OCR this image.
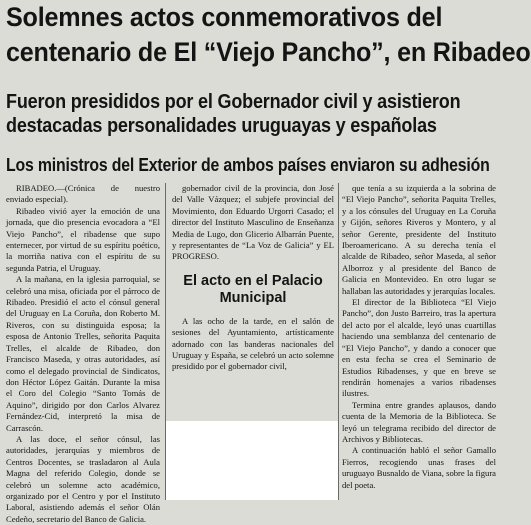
Solemnes actos conmemorativos del
centenario de El “Viejo Pancho”, en Ribadeo
Fueron presididos por el Gobernador civil y asistieron
destacadas personalidades uruguayas y españolas
Los ministros del Exterior de ambos países enviaron su adhesión

RIBADEO.—(Crónica de nuestro enviado especial).

Ribadeo vivió ayer la emoción de una jornada, que dio presencia evocadora a “El Viejo Pancho”, el ribadense que supo enternecer, por virtud de su espíritu poético, la morriña nativa con el espíritu de su segunda Patria, el Uruguay.

A la mañana, en la iglesia parroquial, se celebró una misa, oficiada por el párroco de Ribadeo. Presidió el acto el cónsul general del Uruguay en La Coruña, don Roberto M. Riveros, con su distinguida esposa; la esposa de Antonio Trelles, señorita Paquita Trelles, el alcalde de Ribadeo, don Francisco Maseda, y otras autoridades, así como el delegado provincial de Sindicatos, don Héctor López Gaitán. Durante la misa el Coro del Colegio “Santo Tomás de Aquino”, dirigido por don Carlos Alvarez Fernández-Cid, interpretó la misa de Carrascón.

A las doce, el señor cónsul, las autoridades, jerarquías y miembros de Centros Docentes, se trasladaron al Aula Magna del referido Colegio, donde se celebró un solemne acto académico, organizado por el Centro y por el Instituto Laboral, asistiendo además el señor Olán Cedeño, secretario del Banco de Galicia.

gobernador civil de la provincia, don José del Valle Vázquez; el subjefe provincial del Movimiento, don Eduardo Urgorri Casado; el director del Instituto Masculino de Enseñanza Media de Lugo, don Glicerio Albarrán Puente, y representantes de “La Voz de Galicia” y EL PROGRESO.

El acto en el Palacio Municipal

A las ocho de la tarde, en el salón de sesiones del Ayuntamiento, artísticamente adornado con las banderas nacionales del Uruguay y España, se celebró un acto solemne presidido por el gobernador civil,

que tenía a su izquierda a la sobrina de “El Viejo Pancho”, señorita Paquita Trelles, y a los cónsules del Uruguay en La Coruña y Gijón, señores Riveros y Montero, y al señor Gerente, presidente del Instituto Iberoamericano. A su derecha tenía el alcalde de Ribadeo, señor Maseda, al señor Alborroz y al presidente del Banco de Galicia en Montevideo. En otro lugar se hallaban las autoridades y jerarquías locales.

El director de la Biblioteca “El Viejo Pancho”, don Justo Barreiro, tras la apertura del acto por el alcalde, leyó unas cuartillas haciendo una semblanza del centenario de “El Viejo Pancho”, y dando a conocer que en esta fecha se crea el Seminario de Estudios Ribadenses, y que en breve se rendirán homenajes a varios ribadenses ilustres.

Termina entre grandes aplausos, dando cuenta de la Memoria de la Biblioteca. Se leyó un telegrama recibido del director de Archivos y Bibliotecas.

A continuación habló el señor Gamallo Fierros, recogiendo unas frases del uruguayo Busnaldo de Viana, sobre la figura del poeta.
